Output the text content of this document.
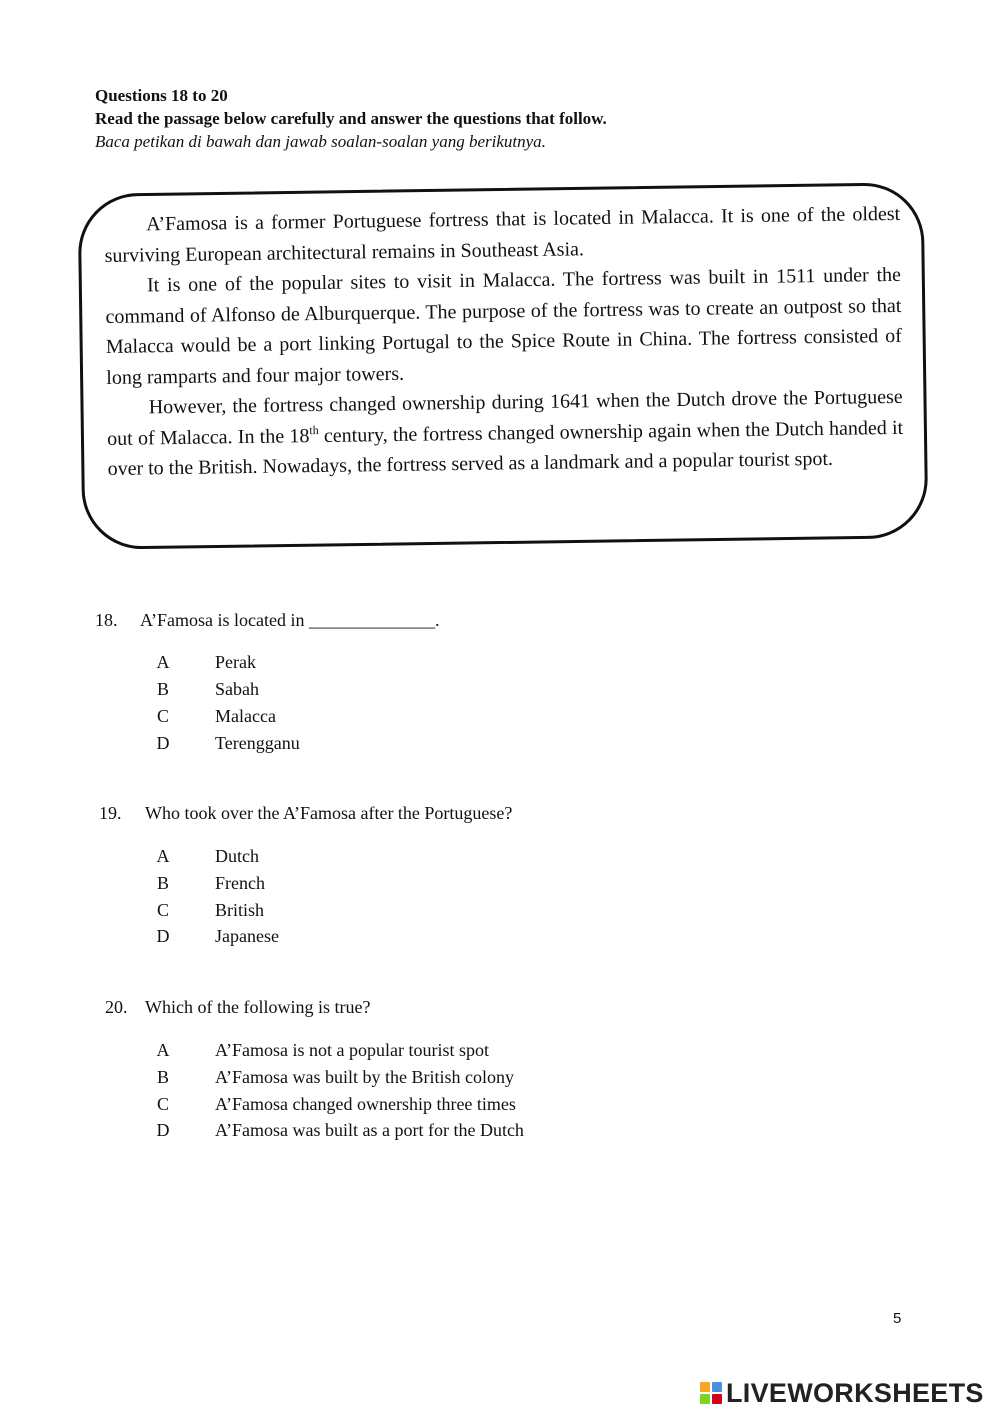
Questions 18 to 20
Read the passage below carefully and answer the questions that follow.
Baca petikan di bawah dan jawab soalan-soalan yang berikutnya.

A’Famosa is a former Portuguese fortress that is located in Malacca. It is one of the oldest surviving European architectural remains in Southeast Asia.

It is one of the popular sites to visit in Malacca. The fortress was built in 1511 under the command of Alfonso de Alburquerque. The purpose of the fortress was to create an outpost so that Malacca would be a port linking Portugal to the Spice Route in China. The fortress consisted of long ramparts and four major towers.

However, the fortress changed ownership during 1641 when the Dutch drove the Portuguese out of Malacca. In the 18th century, the fortress changed ownership again when the Dutch handed it over to the British. Nowadays, the fortress served as a landmark and a popular tourist spot.

18. A’Famosa is located in ______________.
A	Perak
B	Sabah
C	Malacca
D	Terengganu
19. Who took over the A’Famosa after the Portuguese?
A	Dutch
B	French
C	British
D	Japanese
20. Which of the following is true?
A	A’Famosa is not a popular tourist spot
B	A’Famosa was built by the British colony
C	A’Famosa changed ownership three times
D	A’Famosa was built as a port for the Dutch
5
LIVEWORKSHEETS
